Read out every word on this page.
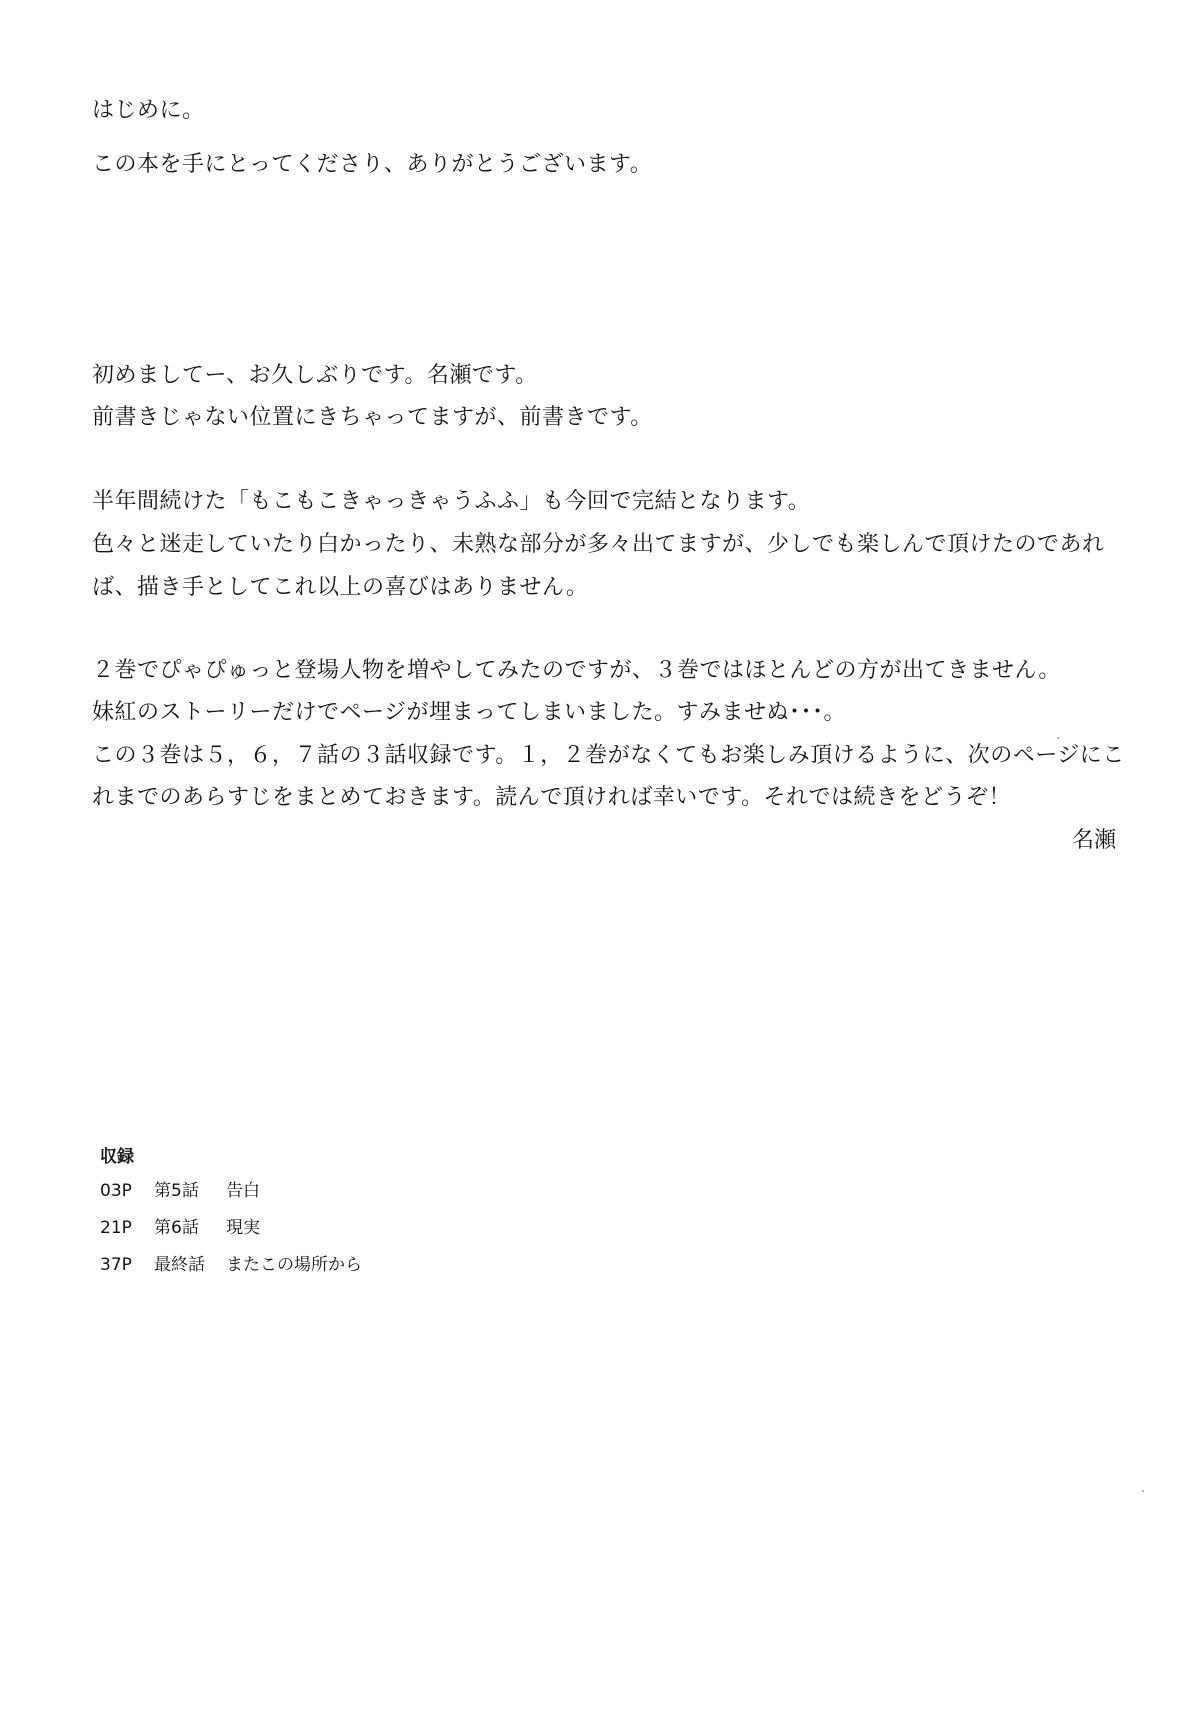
はじめに。
この本を手にとってくださり、ありがとうございます。
初めましてー、お久しぶりです。名瀬です。
前書きじゃない位置にきちゃってますが、前書きです。
半年間続けた「もこもこきゃっきゃうふふ」も今回で完結となります。
色々と迷走していたり白かったり、未熟な部分が多々出てますが、少しでも楽しんで頂けたのであれ
ば、描き手としてこれ以上の喜びはありません。
２巻でぴゃぴゅっと登場人物を増やしてみたのですが、３巻ではほとんどの方が出てきません。
妹紅のストーリーだけでページが埋まってしまいました。すみませぬ･･･。
この３巻は５，６，７話の３話収録です。１，２巻がなくてもお楽しみ頂けるように、次のページにこ
れまでのあらすじをまとめておきます。読んで頂ければ幸いです。それでは続きをどうぞ！
名瀬
収録
03P 第5話 告白
21P 第6話 現実
37P 最終話 またこの場所から
